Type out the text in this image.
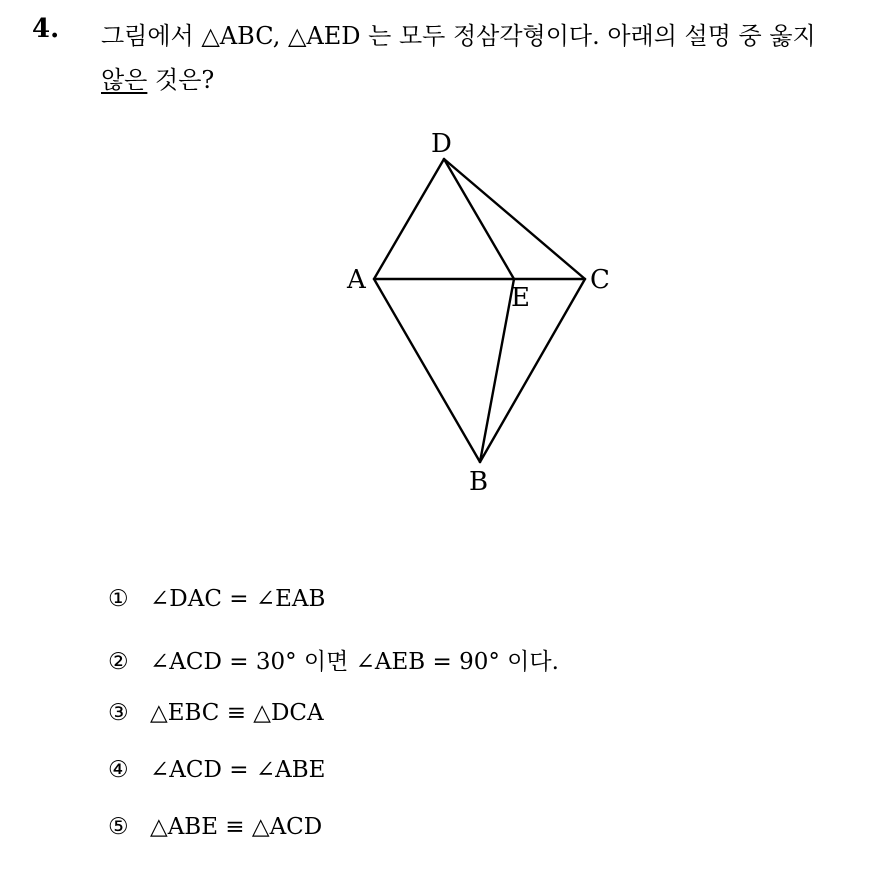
4. 그림에서 △ABC, △AED 는 모두 정삼각형이다. 아래의 설명 중 옳지
않은 것은?
D
A
E
C
B
① ∠DAC = ∠EAB
② ∠ACD = 30° 이면 ∠AEB = 90° 이다.
③ △EBC ≡ △DCA
④ ∠ACD = ∠ABE
⑤ △ABE ≡ △ACD
